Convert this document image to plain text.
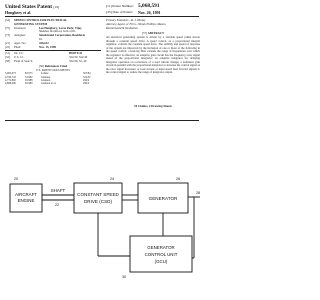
United States Patent [19]
Hongbery et al.
[11] Patent Number: 5,068,591
[45] Date of Patent: Nov. 26, 1991
[54] SPEED CONTROL FOR ELECTRICAL
GENERATING SYSTEM
[75] Inventors:	Lee Hongbery, Loves Park; Vijay
Shekhar, Rockford, both of Ill.
[73] Assignee:	Sundstrand Corporation, Rockford,
Ill.
[21] Appl. No.:	436,612
[22] Filed:	Nov. 15, 1989
[51] Int. Cl.⁵	H02P 9/42
[52] U.S. Cl.	322/32; 322/40
[58] Field of Search	322/29, 32, 40
[56] References Cited
U.S. PATENT DOCUMENTS
3,902,073	8/1975	Lafuze	307/84
4,330,743	5/1982	Glennon	322/32
4,772,802	9/1988	Glennon	290/4
4,868,406	9/1989	Glennon et al.	290/4
Primary Examiner—R. J. Hickey
Attorney, Agent, or Firm—Wood, Phillips, Mason,
Recktenwald & VanSanten
[57] ABSTRACT
An electrical generating system is driven by a variable speed prime mover through a constant speed drive. A speed control, as a proportional integral regulator, controls the constant speed drive. The stability and speed of response of the system are improved by the inclusion of one or more of the following in the speed control: a lead-lag filter extends the range of frequencies over which the regulator is effective; an adaptive gain circuit has the frequency error signal ahead of the proportional integrator; an adaptive integrator for delaying integrator operation on occurrence of a load current change; a nonlinear gain circuit in parallel with the proportional integrator to increase the control signal as the error signal increases; or load current or input speed feed forward signals to the control signal to reduce the range of integrator output.
10 Claims, 2 Drawing Sheets
AIRCRAFT
ENGINE
SHAFT
CONSTANT SPEED
DRIVE (CSD)
GENERATOR
GENERATOR
CONTROL UNIT
(GCU)
20
22
24	26
28
30
